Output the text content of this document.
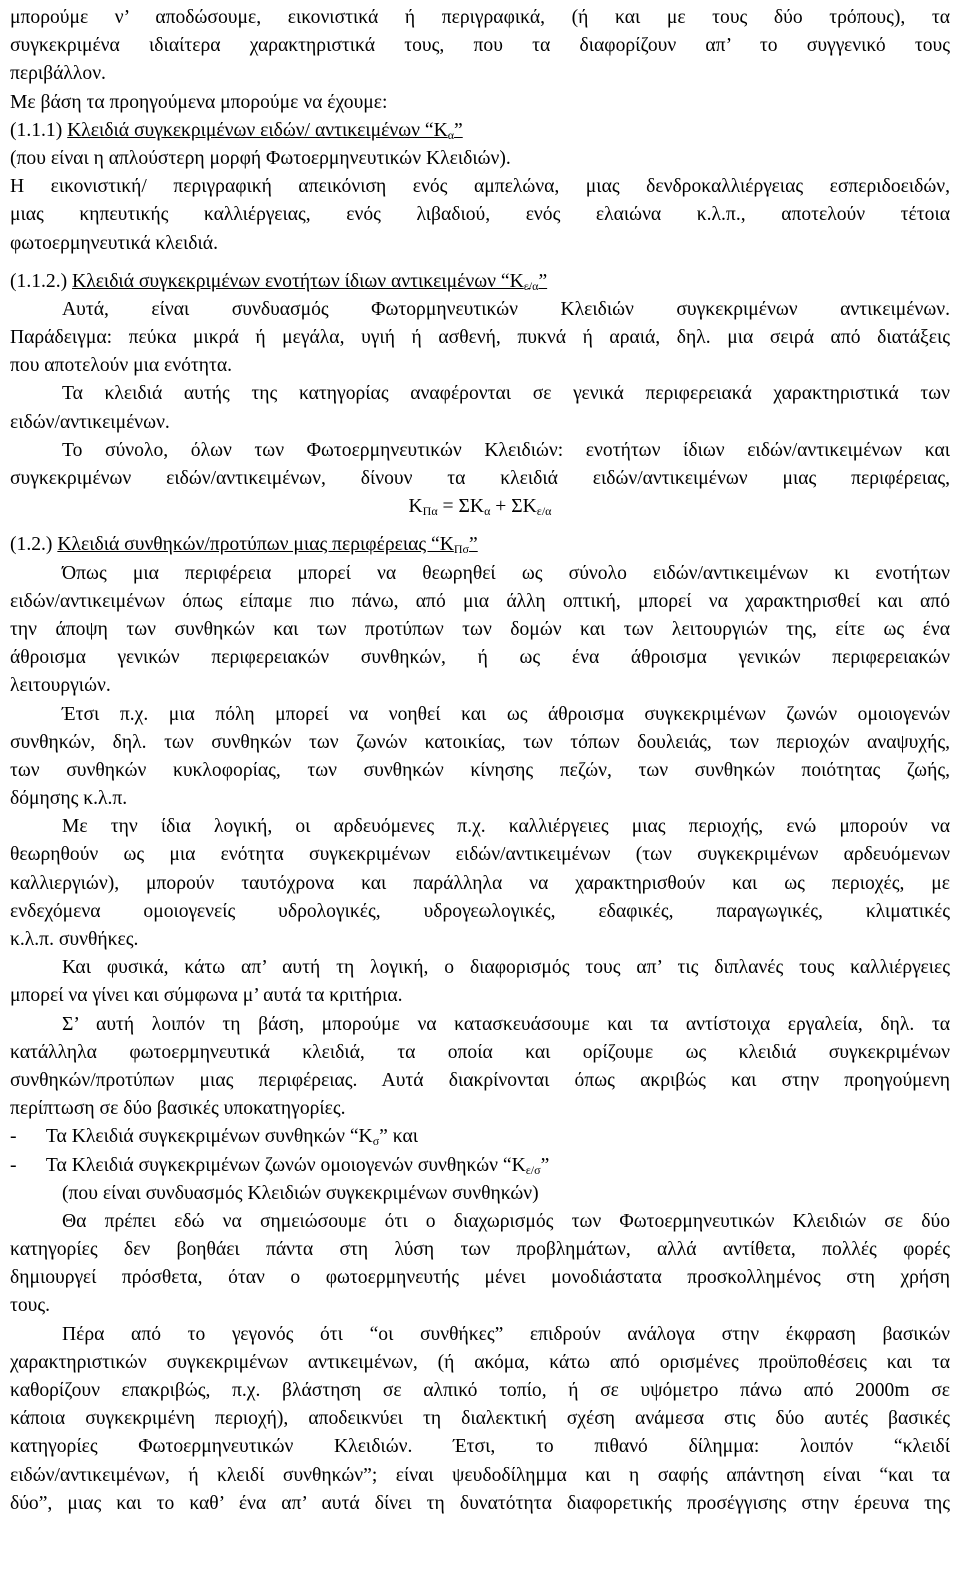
μπορούμε ν’ αποδώσουμε, εικονιστικά ή περιγραφικά, (ή και με τους δύο τρόπους), τα
συγκεκριμένα ιδιαίτερα χαρακτηριστικά τους, που τα διαφορίζουν απ’ το συγγενικό τους
περιβάλλον.
Με βάση τα προηγούμενα μπορούμε να έχουμε:
(1.1.1) Κλειδιά συγκεκριμένων ειδών/ αντικειμένων “$K_\alpha$”
(που είναι η απλούστερη μορφή Φωτοερμηνευτικών Κλειδιών).
Η εικονιστική/ περιγραφική απεικόνιση ενός αμπελώνα, μιας δενδροκαλλιέργειας εσπεριδοειδών,
μιας κηπευτικής καλλιέργειας, ενός λιβαδιού, ενός ελαιώνα κ.λ.π., αποτελούν τέτοια
φωτοερμηνευτικά κλειδιά.
(1.1.2.) Κλειδιά συγκεκριμένων ενοτήτων ίδιων αντικειμένων “$K_{\varepsilon/\alpha}$”
Αυτά, είναι συνδυασμός Φωτορμηνευτικών Κλειδιών συγκεκριμένων αντικειμένων.
Παράδειγμα: πεύκα μικρά ή μεγάλα, υγιή ή ασθενή, πυκνά ή αραιά, δηλ. μια σειρά από διατάξεις
που αποτελούν μια ενότητα.
Τα κλειδιά αυτής της κατηγορίας αναφέρονται σε γενικά περιφερειακά χαρακτηριστικά των
ειδών/αντικειμένων.
Το σύνολο, όλων των Φωτοερμηνευτικών Κλειδιών: ενοτήτων ίδιων ειδών/αντικειμένων και
συγκεκριμένων ειδών/αντικειμένων, δίνουν τα κλειδιά ειδών/αντικειμένων μιας περιφέρειας,
$K_{\Pi\alpha} = \Sigma K_\alpha + \Sigma K_{\varepsilon/\alpha}$
(1.2.) Κλειδιά συνθηκών/προτύπων μιας περιφέρειας “$K_{\Pi\sigma}$”
Όπως μια περιφέρεια μπορεί να θεωρηθεί ως σύνολο ειδών/αντικειμένων κι ενοτήτων
ειδών/αντικειμένων όπως είπαμε πιο πάνω, από μια άλλη οπτική, μπορεί να χαρακτηρισθεί και από
την άποψη των συνθηκών και των προτύπων των δομών και των λειτουργιών της, είτε ως ένα
άθροισμα γενικών περιφερειακών συνθηκών, ή ως ένα άθροισμα γενικών περιφερειακών
λειτουργιών.
Έτσι π.χ. μια πόλη μπορεί να νοηθεί και ως άθροισμα συγκεκριμένων ζωνών ομοιογενών
συνθηκών, δηλ. των συνθηκών των ζωνών κατοικίας, των τόπων δουλειάς, των περιοχών αναψυχής,
των συνθηκών κυκλοφορίας, των συνθηκών κίνησης πεζών, των συνθηκών ποιότητας ζωής,
δόμησης κ.λ.π.
Με την ίδια λογική, οι αρδευόμενες π.χ. καλλιέργειες μιας περιοχής, ενώ μπορούν να
θεωρηθούν ως μια ενότητα συγκεκριμένων ειδών/αντικειμένων (των συγκεκριμένων αρδευόμενων
καλλιεργιών), μπορούν ταυτόχρονα και παράλληλα να χαρακτηρισθούν και ως περιοχές, με
ενδεχόμενα ομοιογενείς υδρολογικές, υδρογεωλογικές, εδαφικές, παραγωγικές, κλιματικές
κ.λ.π. συνθήκες.
Και φυσικά, κάτω απ’ αυτή τη λογική, ο διαφορισμός τους απ’ τις διπλανές τους καλλιέργειες
μπορεί να γίνει και σύμφωνα μ’ αυτά τα κριτήρια.
Σ’ αυτή λοιπόν τη βάση, μπορούμε να κατασκευάσουμε και τα αντίστοιχα εργαλεία, δηλ. τα
κατάλληλα φωτοερμηνευτικά κλειδιά, τα οποία και ορίζουμε ως κλειδιά συγκεκριμένων
συνθηκών/προτύπων μιας περιφέρειας. Αυτά διακρίνονται όπως ακριβώς και στην προηγούμενη
περίπτωση σε δύο βασικές υποκατηγορίες.
- Τα Κλειδιά συγκεκριμένων συνθηκών “$K_\sigma$” και
- Τα Κλειδιά συγκεκριμένων ζωνών ομοιογενών συνθηκών “$K_{\varepsilon/\sigma}$”
(που είναι συνδυασμός Κλειδιών συγκεκριμένων συνθηκών)
Θα πρέπει εδώ να σημειώσουμε ότι ο διαχωρισμός των Φωτοερμηνευτικών Κλειδιών σε δύο
κατηγορίες δεν βοηθάει πάντα στη λύση των προβλημάτων, αλλά αντίθετα, πολλές φορές
δημιουργεί πρόσθετα, όταν ο φωτοερμηνευτής μένει μονοδιάστατα προσκολλημένος στη χρήση
τους.
Πέρα από το γεγονός ότι “οι συνθήκες” επιδρούν ανάλογα στην έκφραση βασικών
χαρακτηριστικών συγκεκριμένων αντικειμένων, (ή ακόμα, κάτω από ορισμένες προϋποθέσεις και τα
καθορίζουν επακριβώς, π.χ. βλάστηση σε αλπικό τοπίο, ή σε υψόμετρο πάνω από 2000m σε
κάποια συγκεκριμένη περιοχή), αποδεικνύει τη διαλεκτική σχέση ανάμεσα στις δύο αυτές βασικές
κατηγορίες Φωτοερμηνευτικών Κλειδιών. Έτσι, το πιθανό δίλημμα: λοιπόν “κλειδί
ειδών/αντικειμένων, ή κλειδί συνθηκών”; είναι ψευδοδίλημμα και η σαφής απάντηση είναι “και τα
δύο”, μιας και το καθ’ ένα απ’ αυτά δίνει τη δυνατότητα διαφορετικής προσέγγισης στην έρευνα της
